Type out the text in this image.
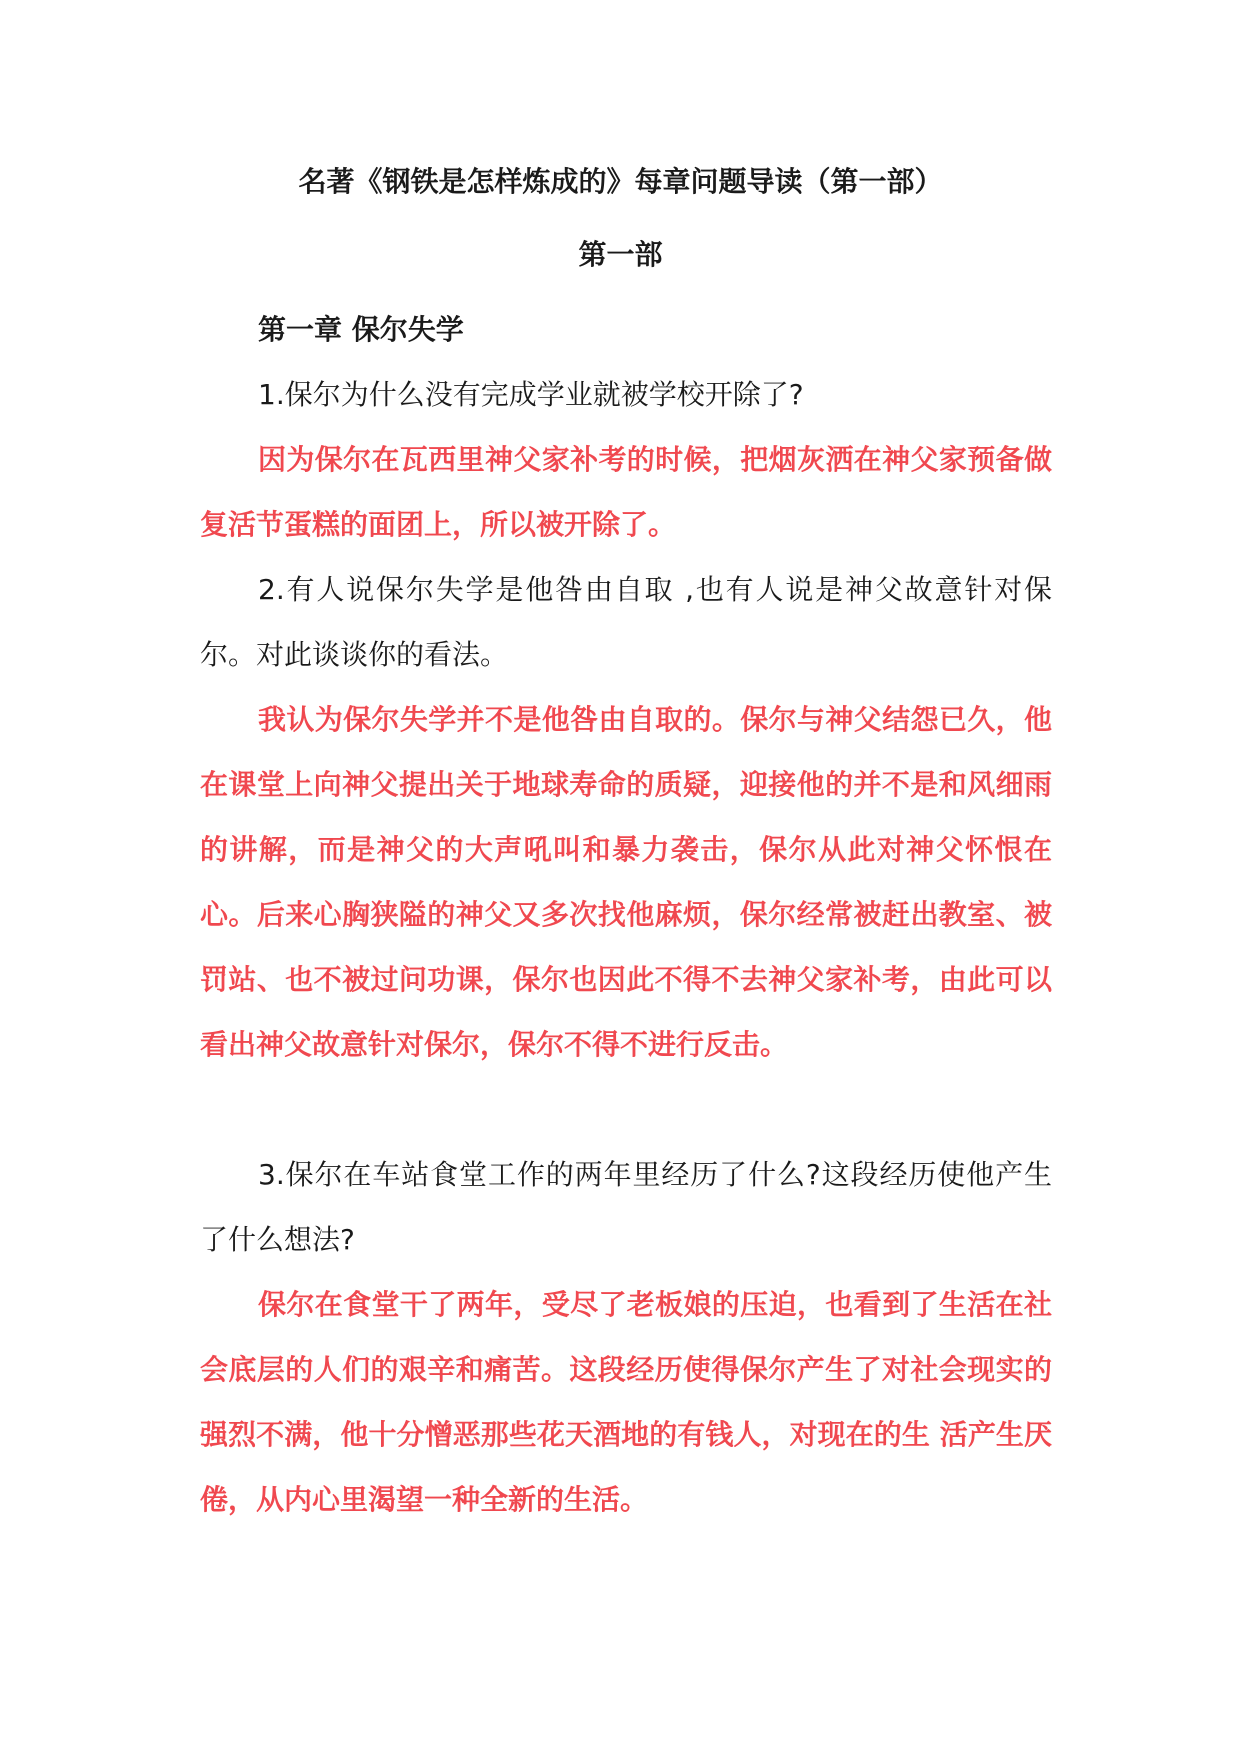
名著《钢铁是怎样炼成的》每章问题导读（第一部）
第一部

第一章 保尔失学

1.保尔为什么没有完成学业就被学校开除了?

因为保尔在瓦西里神父家补考的时候，把烟灰洒在神父家预备做复活节蛋糕的面团上，所以被开除了。

2.有人说保尔失学是他咎由自取 ,也有人说是神父故意针对保尔。对此谈谈你的看法。

我认为保尔失学并不是他咎由自取的。保尔与神父结怨已久，他在课堂上向神父提出关于地球寿命的质疑，迎接他的并不是和风细雨的讲解，而是神父的大声吼叫和暴力袭击，保尔从此对神父怀恨在心。后来心胸狭隘的神父又多次找他麻烦，保尔经常被赶出教室、被罚站、也不被过问功课，保尔也因此不得不去神父家补考，由此可以看出神父故意针对保尔，保尔不得不进行反击。

3.保尔在车站食堂工作的两年里经历了什么?这段经历使他产生了什么想法?

保尔在食堂干了两年，受尽了老板娘的压迫，也看到了生活在社会底层的人们的艰辛和痛苦。这段经历使得保尔产生了对社会现实的强烈不满，他十分憎恶那些花天酒地的有钱人，对现在的生 活产生厌倦，从内心里渴望一种全新的生活。
